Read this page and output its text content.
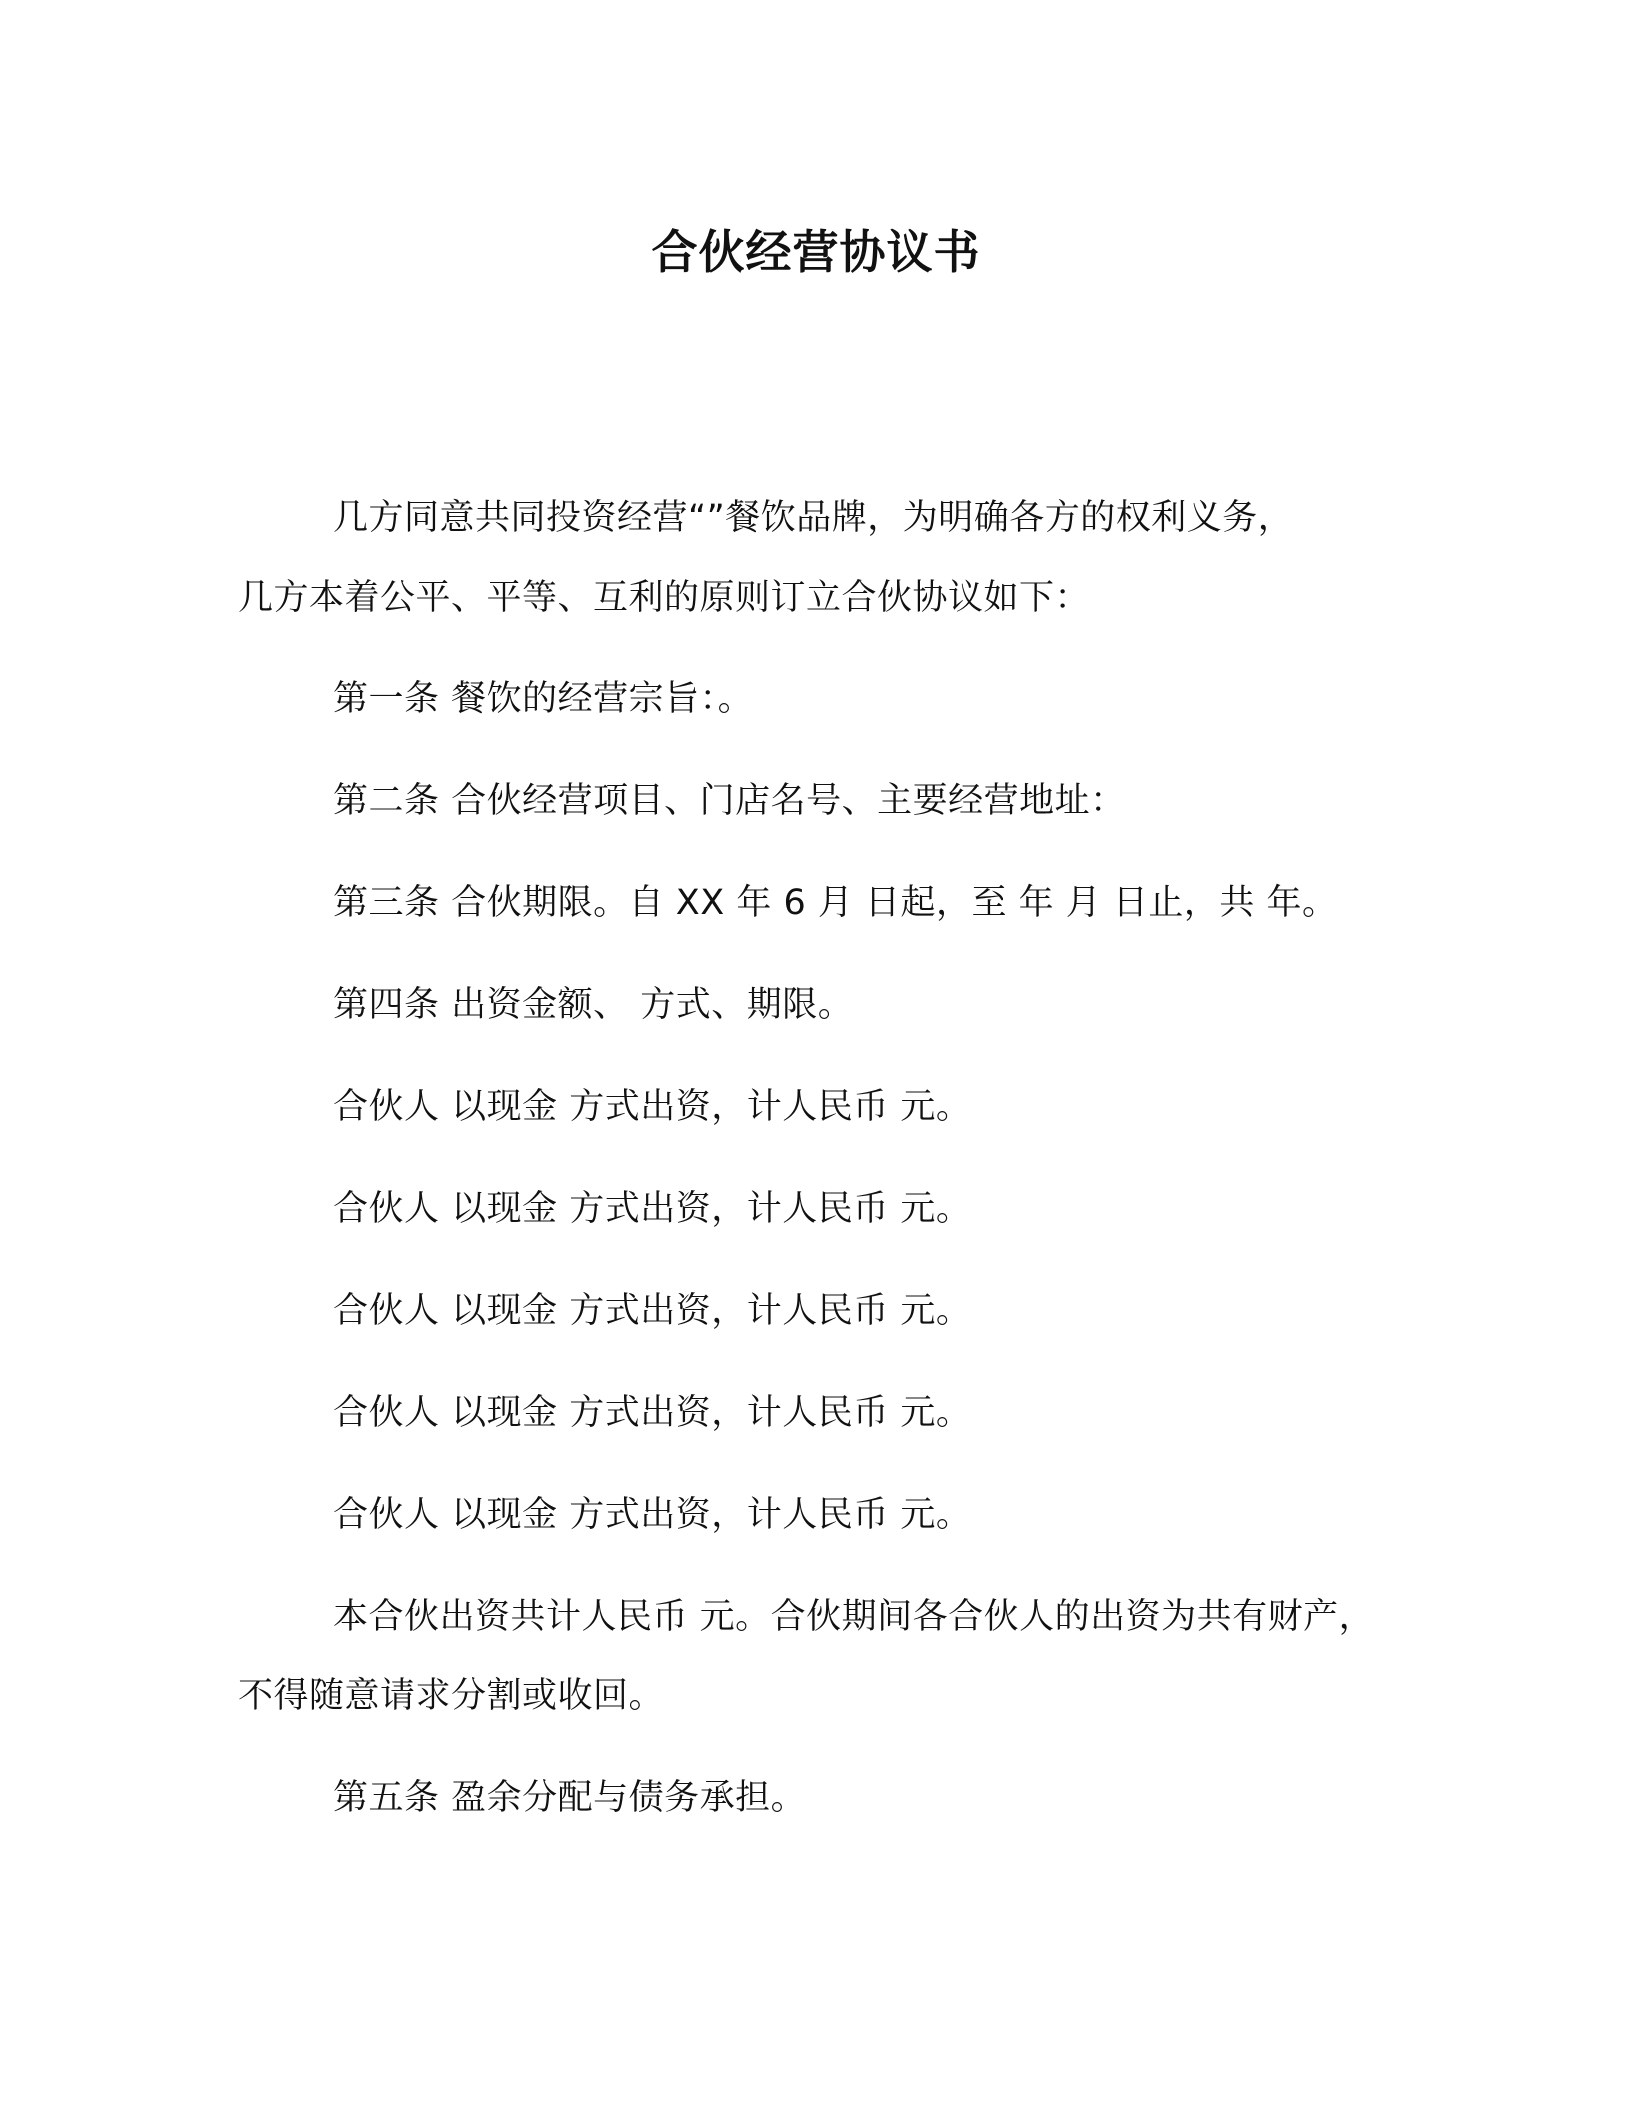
合伙经营协议书
几方同意共同投资经营“”餐饮品牌，为明确各方的权利义务，
几方本着公平、平等、互利的原则订立合伙协议如下：
第一条 餐饮的经营宗旨：。
第二条 合伙经营项目、门店名号、主要经营地址：
第三条 合伙期限。自 XX 年 6 月 日起，至 年 月 日止，共 年。
第四条 出资金额、 方式、期限。
合伙人 以现金 方式出资，计人民币 元。
合伙人 以现金 方式出资，计人民币 元。
合伙人 以现金 方式出资，计人民币 元。
合伙人 以现金 方式出资，计人民币 元。
合伙人 以现金 方式出资，计人民币 元。
本合伙出资共计人民币 元。合伙期间各合伙人的出资为共有财产，
不得随意请求分割或收回。
第五条 盈余分配与债务承担。
